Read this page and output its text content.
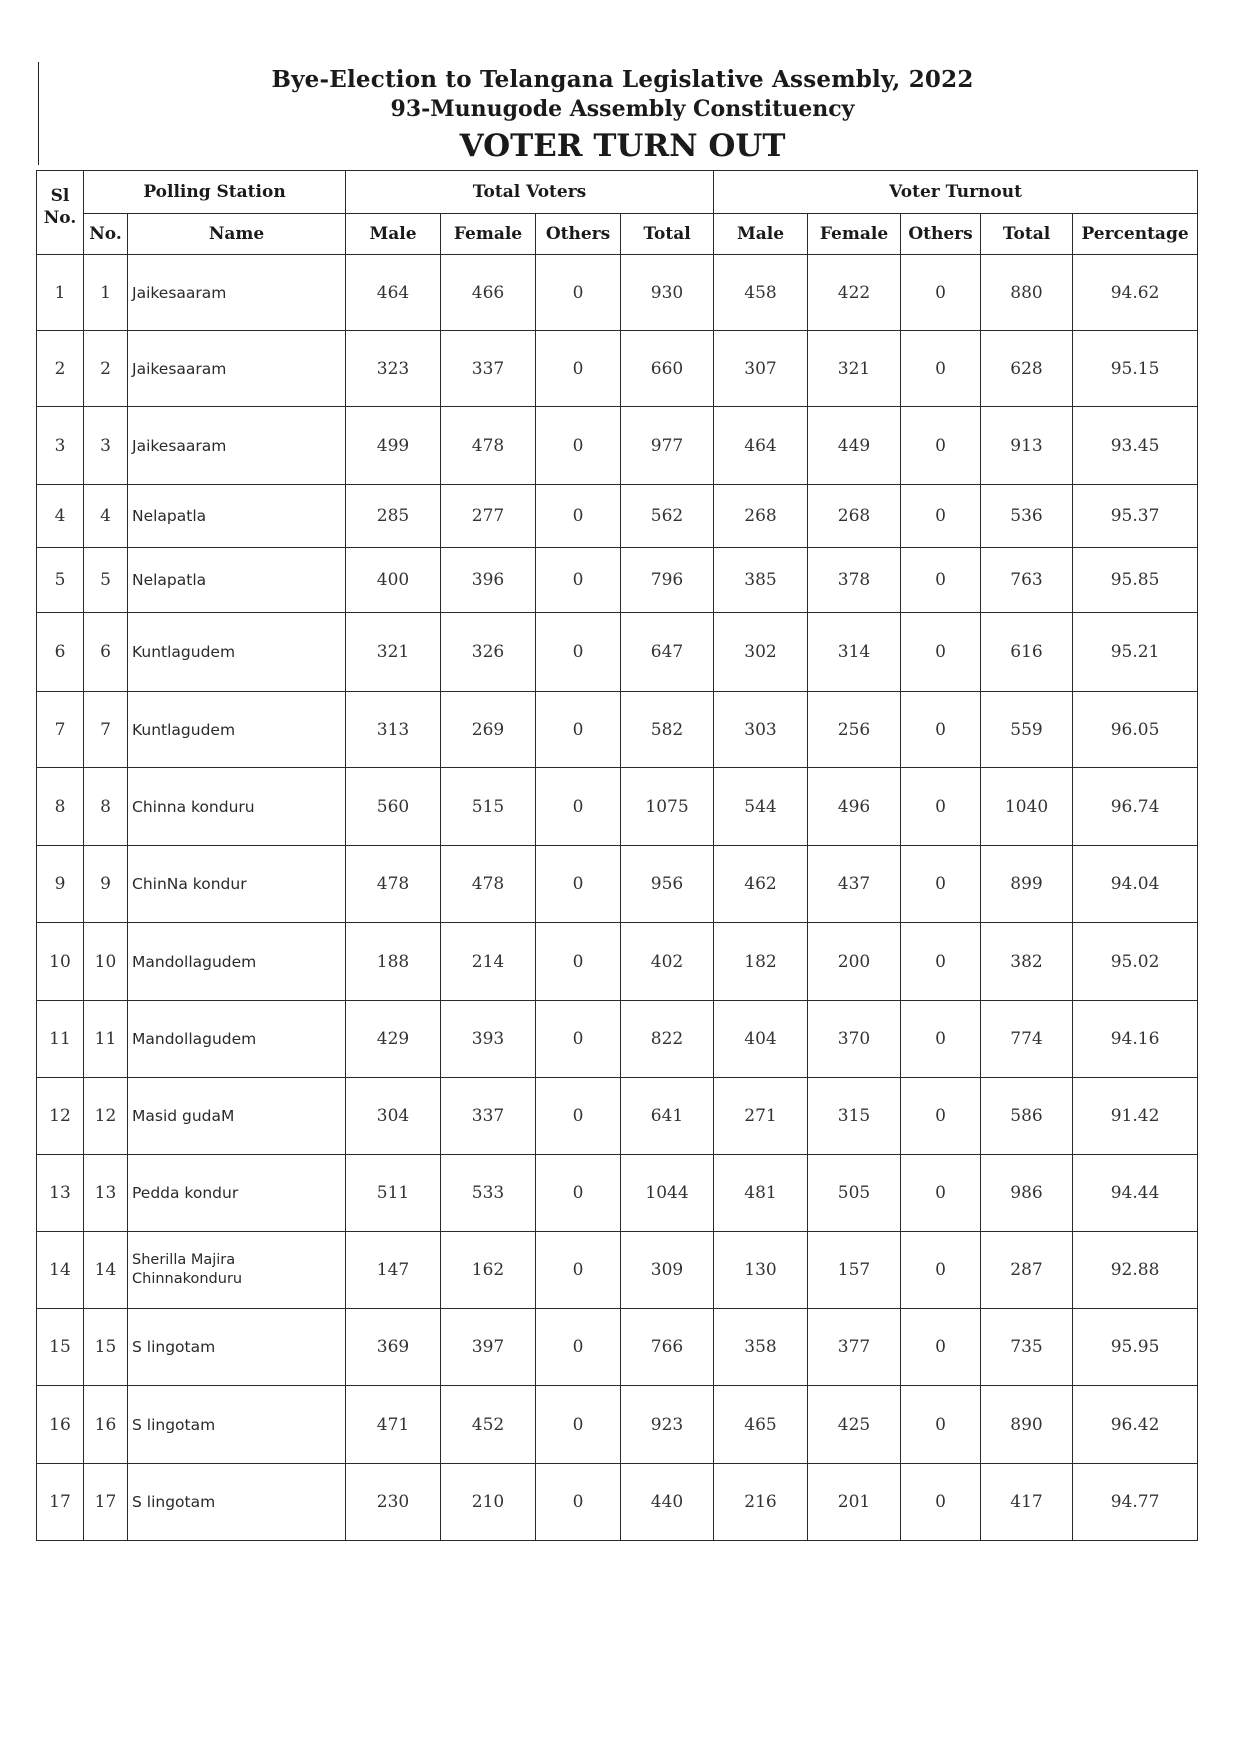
Bye-Election to Telangana Legislative Assembly, 2022
93-Munugode Assembly Constituency
VOTER TURN OUT
Sl
No.	Polling Station		Total Voters				Voter Turnout				
	No.	Name	Male	Female	Others	Total	Male	Female	Others	Total	Percentage
1	1	Jaikesaaram	464	466	0	930	458	422	0	880	94.62
2	2	Jaikesaaram	323	337	0	660	307	321	0	628	95.15
3	3	Jaikesaaram	499	478	0	977	464	449	0	913	93.45
4	4	Nelapatla	285	277	0	562	268	268	0	536	95.37
5	5	Nelapatla	400	396	0	796	385	378	0	763	95.85
6	6	Kuntlagudem	321	326	0	647	302	314	0	616	95.21
7	7	Kuntlagudem	313	269	0	582	303	256	0	559	96.05
8	8	Chinna konduru	560	515	0	1075	544	496	0	1040	96.74
9	9	ChinNa kondur	478	478	0	956	462	437	0	899	94.04
10	10	Mandollagudem	188	214	0	402	182	200	0	382	95.02
11	11	Mandollagudem	429	393	0	822	404	370	0	774	94.16
12	12	Masid gudaM	304	337	0	641	271	315	0	586	91.42
13	13	Pedda kondur	511	533	0	1044	481	505	0	986	94.44
14	14	Sherilla Majira Chinnakonduru	147	162	0	309	130	157	0	287	92.88
15	15	S lingotam	369	397	0	766	358	377	0	735	95.95
16	16	S lingotam	471	452	0	923	465	425	0	890	96.42
17	17	S lingotam	230	210	0	440	216	201	0	417	94.77
